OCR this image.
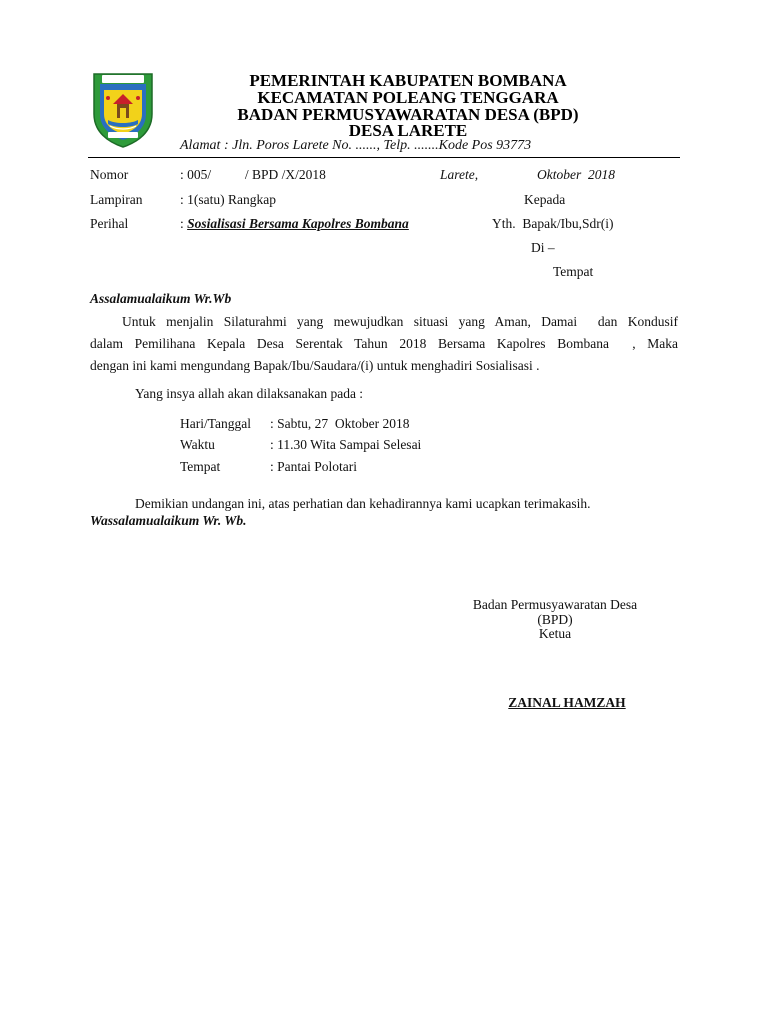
PEMERINTAH KABUPATEN BOMBANA
KECAMATAN POLEANG TENGGARA
BADAN PERMUSYAWARATAN DESA (BPD)
DESA LARETE
Alamat : Jln. Poros Larete No. ......, Telp. .......Kode Pos 93773
Nomor	: 005/          / BPD /X/2018
Lampiran	: 1(satu) Rangkap
Perihal	: Sosialisasi Bersama Kapolres Bombana
Larete,	Oktober  2018
Kepada
Yth.  Bapak/Ibu,Sdr(i)
Di –
Tempat
Assalamualaikum Wr.Wb
Untuk menjalin Silaturahmi yang mewujudkan situasi yang Aman, Damai  dan Kondusif
dalam Pemilihana Kepala Desa Serentak Tahun 2018 Bersama Kapolres Bombana  , Maka
dengan ini kami mengundang Bapak/Ibu/Saudara/(i) untuk menghadiri Sosialisasi .
Yang insya allah akan dilaksanakan pada :
Hari/Tanggal : Sabtu, 27  Oktober 2018
Waktu	: 11.30 Wita Sampai Selesai
Tempat	: Pantai Polotari
Demikian undangan ini, atas perhatian dan kehadirannya kami ucapkan terimakasih.
Wassalamualaikum Wr. Wb.
Badan Permusyawaratan Desa
(BPD)
Ketua
ZAINAL HAMZAH
